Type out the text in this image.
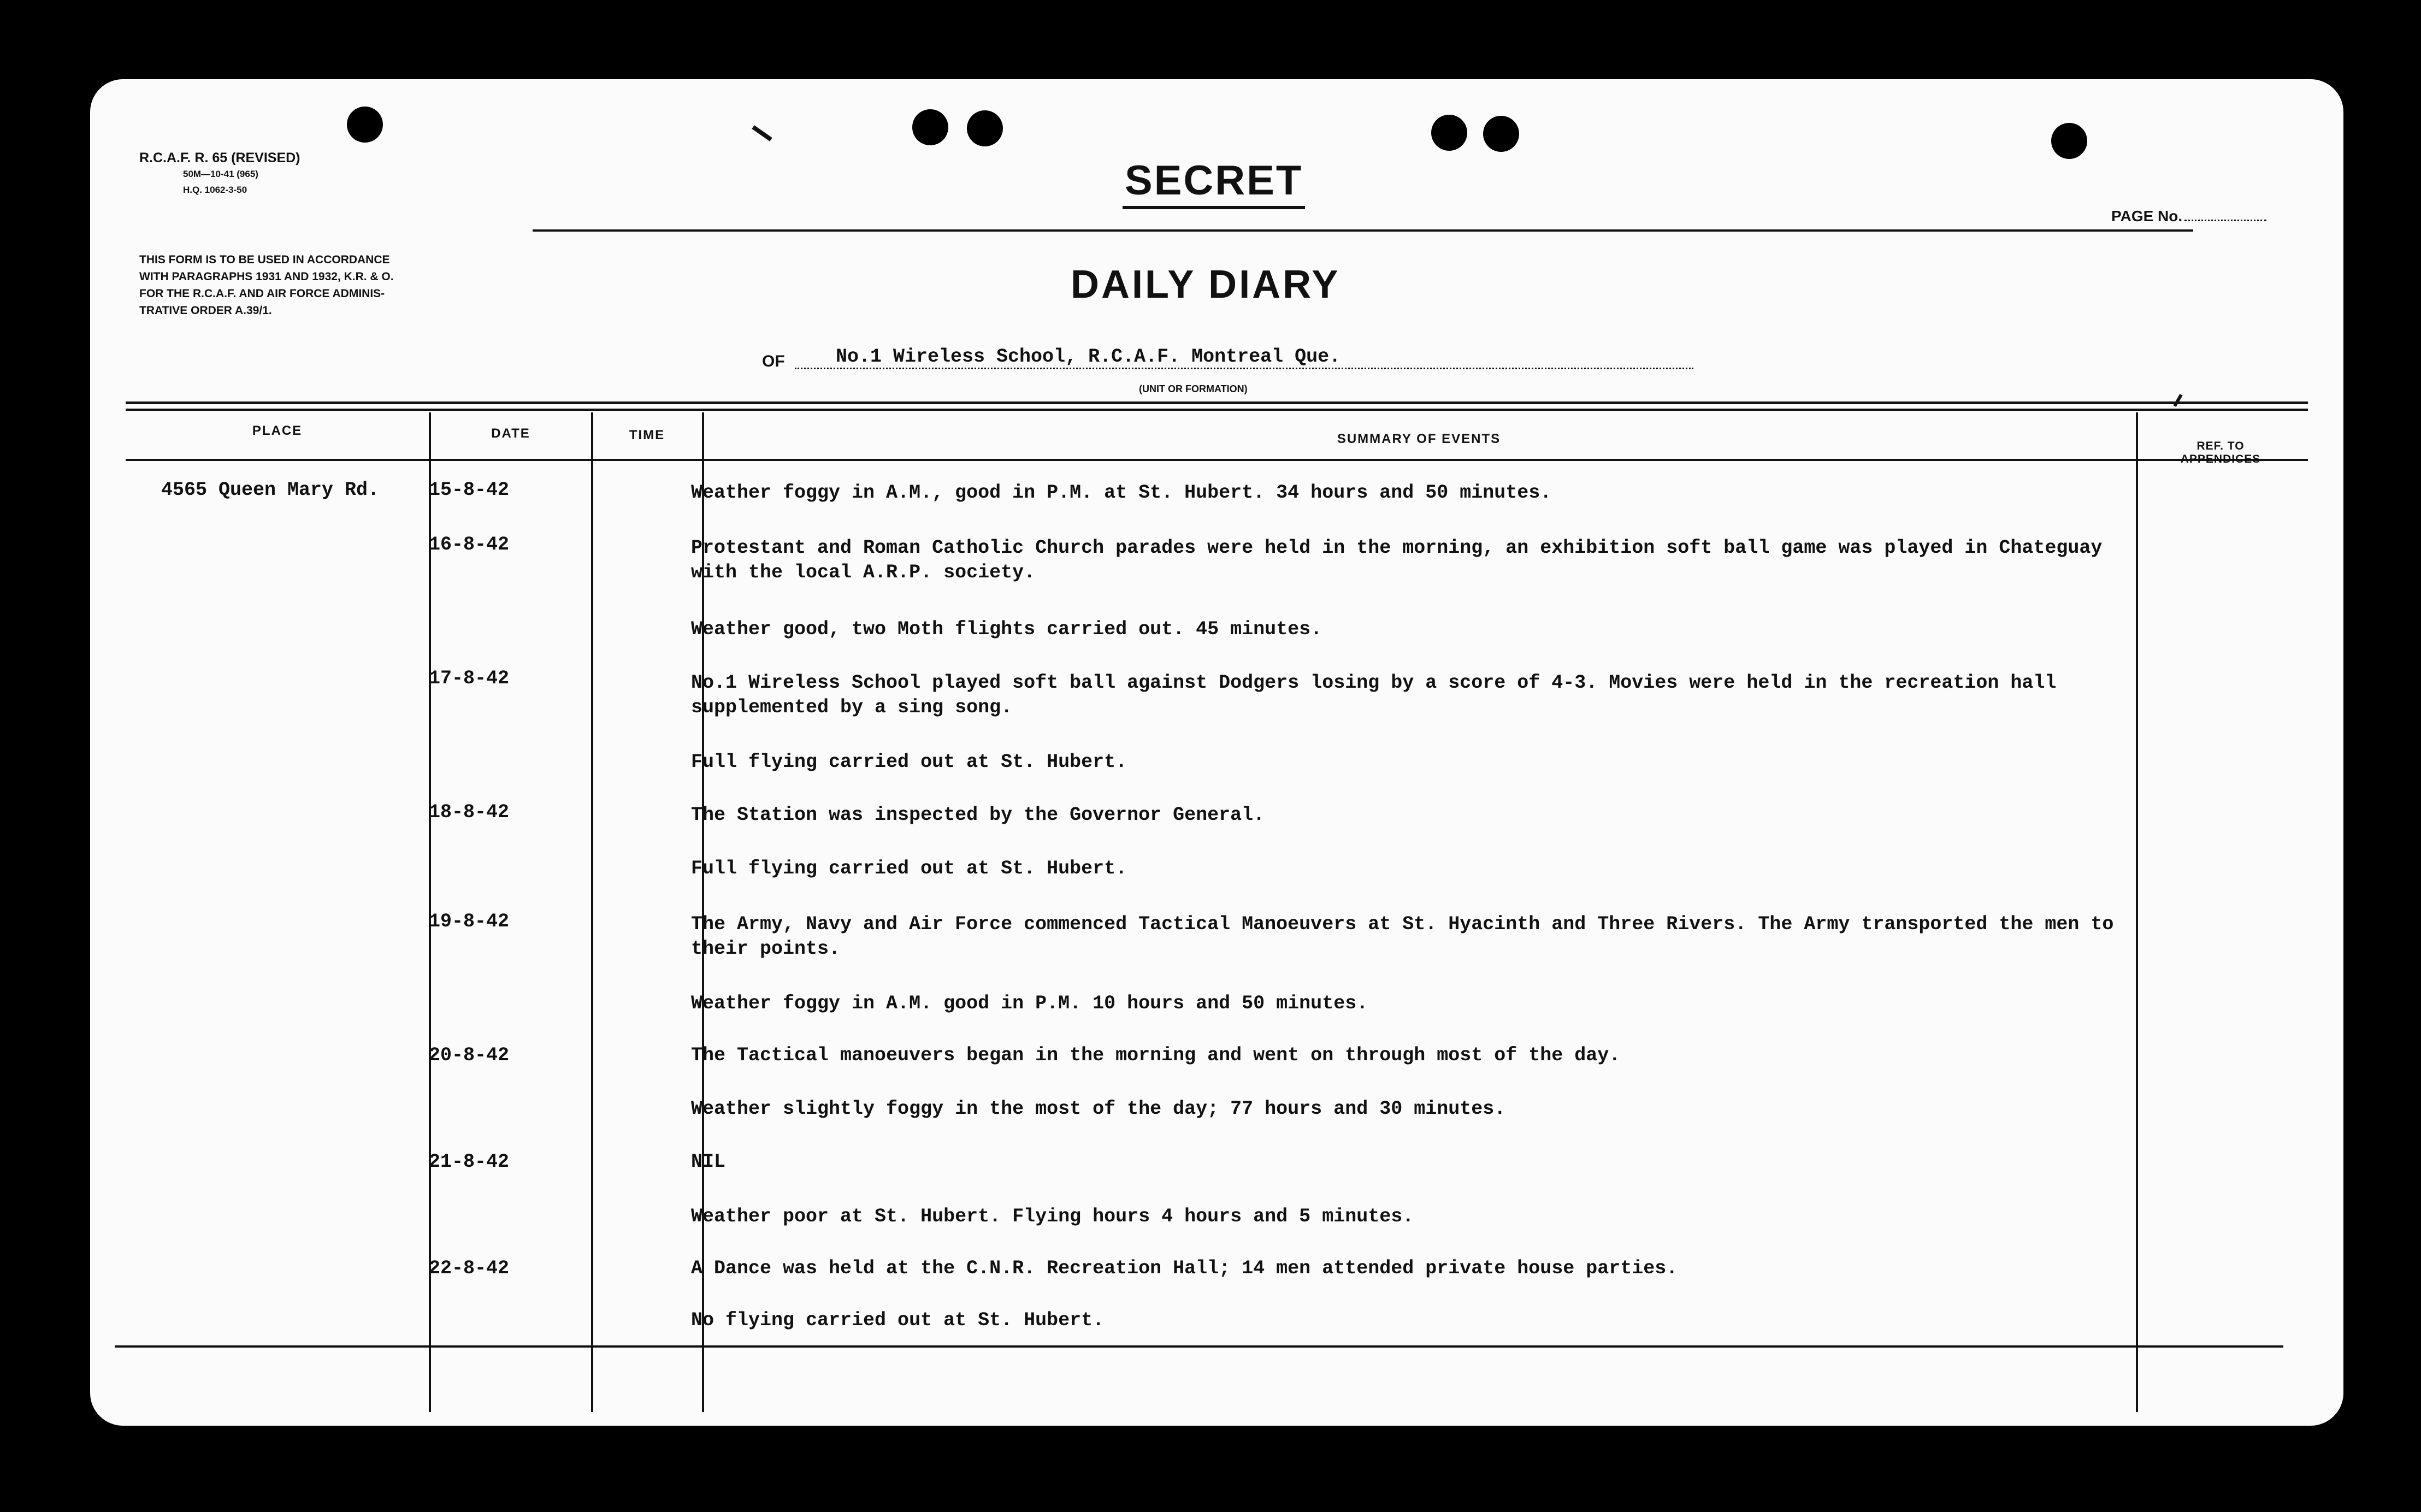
R.C.A.F. R. 65 (REVISED)
50M—10-41 (965)
H.Q. 1062-3-50
THIS FORM IS TO BE USED IN ACCORDANCE
WITH PARAGRAPHS 1931 AND 1932, K.R. & O.
FOR THE R.C.A.F. AND AIR FORCE ADMINIS-
TRATIVE ORDER A.39/1.
SECRET
PAGE No.
DAILY DIARY
OF	No.1 Wireless School, R.C.A.F. Montreal Que.
(UNIT OR FORMATION)
PLACE	DATE	TIME	SUMMARY OF EVENTS	REF. TO
APPENDICES
4565 Queen Mary Rd.	15-8-42	Weather foggy in A.M., good in P.M. at St. Hubert. 34 hours and 50 minutes.
16-8-42	Protestant and Roman Catholic Church parades were held in the morning, an exhibition soft ball game was played in Chateguay with the local A.R.P. society.
Weather good, two Moth flights carried out. 45 minutes.
17-8-42	No.1 Wireless School played soft ball against Dodgers losing by a score of 4-3. Movies were held in the recreation hall supplemented by a sing song.
Full flying carried out at St. Hubert.
18-8-42	The Station was inspected by the Governor General.
Full flying carried out at St. Hubert.
19-8-42	The Army, Navy and Air Force commenced Tactical Manoeuvers at St. Hyacinth and Three Rivers. The Army transported the men to their points.
Weather foggy in A.M. good in P.M. 10 hours and 50 minutes.
20-8-42	The Tactical manoeuvers began in the morning and went on through most of the day.
Weather slightly foggy in the most of the day; 77 hours and 30 minutes.
21-8-42	NIL
Weather poor at St. Hubert. Flying hours 4 hours and 5 minutes.
22-8-42	A Dance was held at the C.N.R. Recreation Hall; 14 men attended private house parties.
No flying carried out at St. Hubert.
